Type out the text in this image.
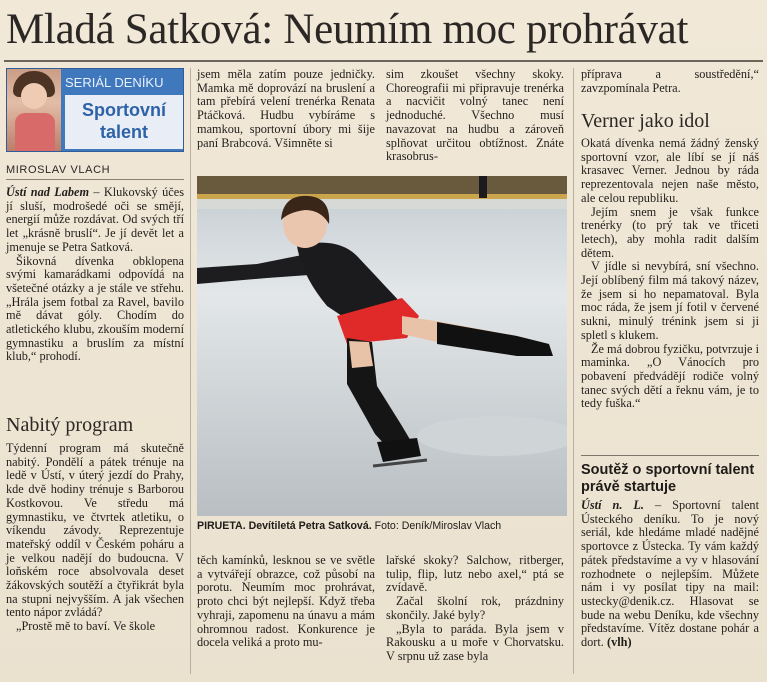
Mladá Satková: Neumím moc prohrávat
SERIÁL DENÍKU
Sportovní
talent
MIROSLAV VLACH

Ústí nad Labem – Klukovský účes jí sluší, modrošedé oči se smějí, energií může rozdávat. Od svých tří let „krásně bruslí“. Je jí devět let a jmenuje se Petra Satková.

Šikovná dívenka obklopena svými kamarádkami odpovídá na všetečné otázky a je stále ve střehu. „Hrála jsem fotbal za Ravel, bavilo mě dávat góly. Chodím do atletického klubu, zkouším moderní gymnastiku a bruslím za místní klub,“ prohodí.

Nabitý program

Týdenní program má skutečně nabitý. Pondělí a pátek trénuje na ledě v Ústí, v úterý jezdí do Prahy, kde dvě hodiny trénuje s Barborou Kostkovou. Ve středu má gymnastiku, ve čtvrtek atletiku, o víkendu závody. Reprezentuje mateřský oddíl v Českém poháru a je velkou nadějí do budoucna. V loňském roce absolvovala deset žákovských soutěží a čtyřikrát byla na stupni nejvyšším. A jak všechen tento nápor zvládá?

„Prostě mě to baví. Ve škole

jsem měla zatím pouze jedničky. Mamka mě doprovází na bruslení a tam přebírá velení trenérka Renata Ptáčková. Hudbu vybíráme s mamkou, sportovní úbory mi šije paní Brabcová. Všimněte si

sim zkoušet všechny skoky. Choreografii mi připravuje trenérka a nacvičit volný tanec není jednoduché. Všechno musí navazovat na hudbu a zároveň splňovat určitou obtížnost. Znáte krasobrus-

PIRUETA. Devítiletá Petra Satková. Foto: Deník/Miroslav Vlach

těch kamínků, lesknou se ve světle a vytvářejí obrazce, což působí na porotu. Neumím moc prohrávat, proto chci být nejlepší. Když třeba vyhraji, zapomenu na únavu a mám ohromnou radost. Konkurence je docela veliká a proto mu-

lařské skoky? Salchow, ritberger, tulip, flip, lutz nebo axel,“ ptá se zvídavě.

Začal školní rok, prázdniny skončily. Jaké byly?

„Byla to paráda. Byla jsem v Rakousku a u moře v Chorvatsku. V srpnu už zase byla

příprava a soustředění,“ zavzpomínala Petra.

Verner jako idol

Okatá dívenka nemá žádný ženský sportovní vzor, ale líbí se jí náš krasavec Verner. Jednou by ráda reprezentovala nejen naše město, ale celou republiku.

Jejím snem je však funkce trenérky (to prý tak ve třiceti letech), aby mohla radit dalším dětem.

V jídle si nevybírá, sní všechno. Její oblíbený film má takový název, že jsem si ho nepamatoval. Byla moc ráda, že jsem jí fotil v červené sukni, minulý trénink jsem si ji spletl s klukem.

Že má dobrou fyzičku, potvrzuje i maminka. „O Vánocích pro pobavení předvádějí rodiče volný tanec svých dětí a řeknu vám, je to tedy fuška.“

Soutěž o sportovní talent právě startuje

Ústí n. L. – Sportovní talent Ústeckého deníku. To je nový seriál, kde hledáme mladé nadějné sportovce z Ústecka. Ty vám každý pátek představíme a vy v hlasování rozhodnete o nejlepším. Můžete nám i vy posílat tipy na mail: ustecky@denik.cz. Hlasovat se bude na webu Deníku, kde všechny představíme. Vítěz dostane pohár a dort. (vlh)
